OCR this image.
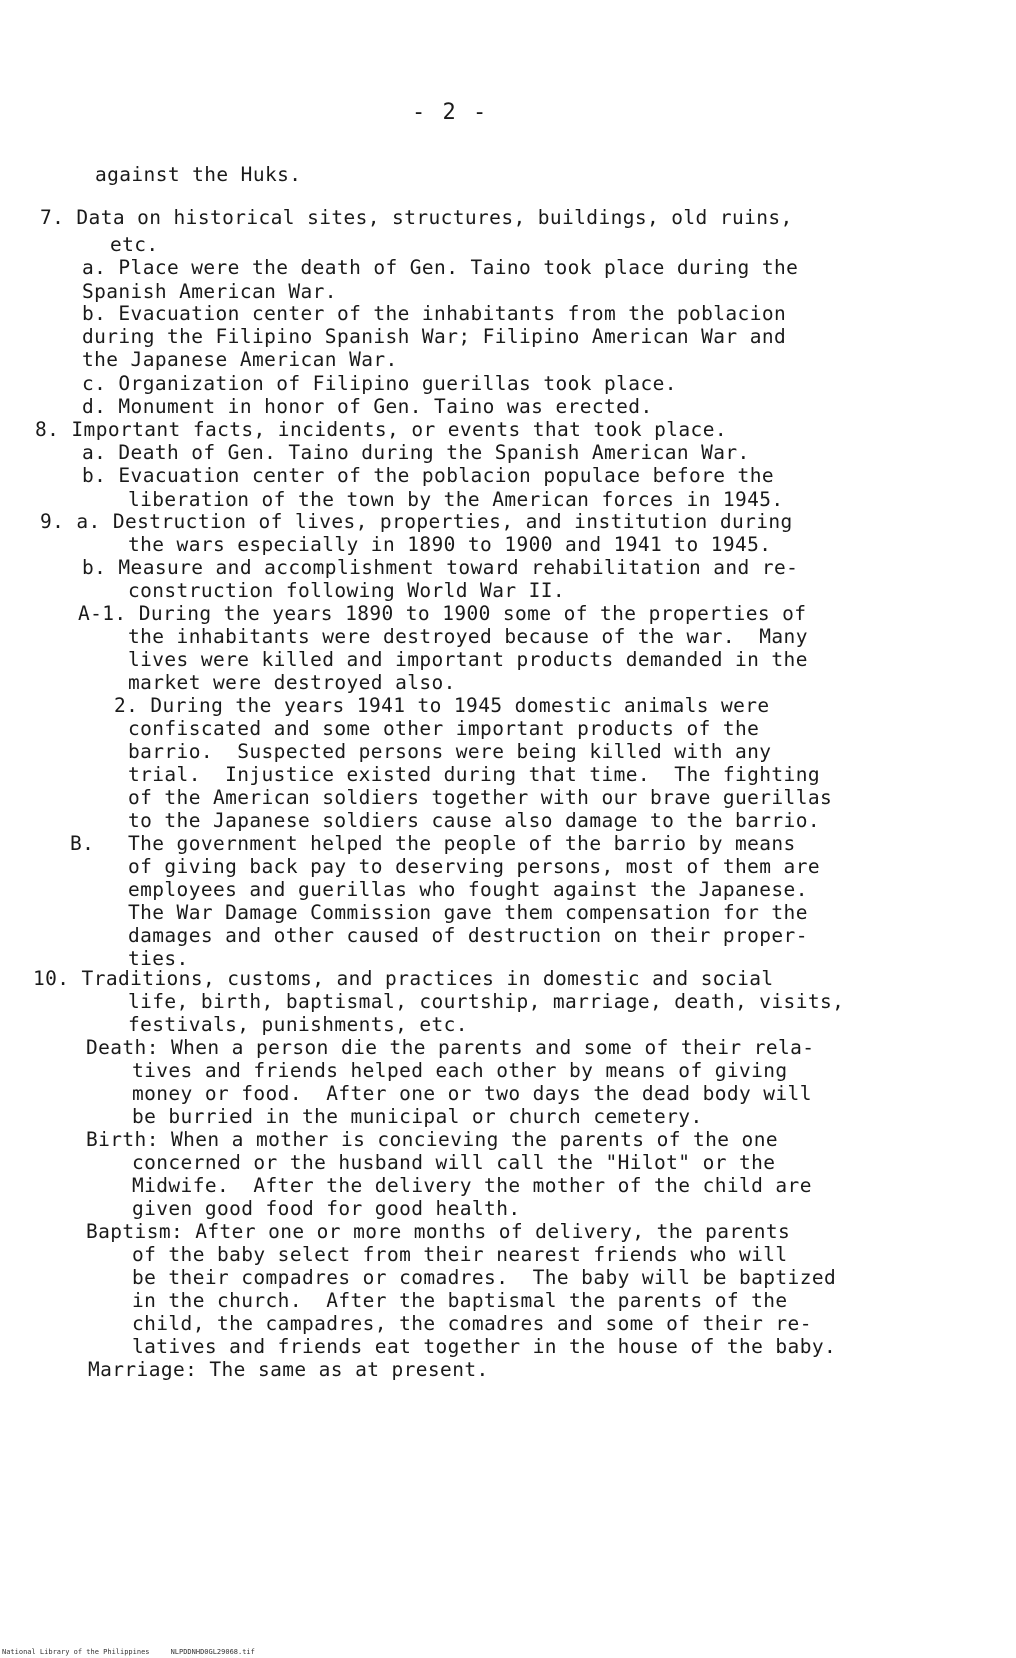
- 2 -
against the Huks.
7. Data on historical sites, structures, buildings, old ruins,
etc.
a. Place were the death of Gen. Taino took place during the
Spanish American War.
b. Evacuation center of the inhabitants from the poblacion
during the Filipino Spanish War; Filipino American War and
the Japanese American War.
c. Organization of Filipino guerillas took place.
d. Monument in honor of Gen. Taino was erected.
8. Important facts, incidents, or events that took place.
a. Death of Gen. Taino during the Spanish American War.
b. Evacuation center of the poblacion populace before the
liberation of the town by the American forces in 1945.
9. a. Destruction of lives, properties, and institution during
the wars especially in 1890 to 1900 and 1941 to 1945.
b. Measure and accomplishment toward rehabilitation and re-
construction following World War II.
A-1. During the years 1890 to 1900 some of the properties of
the inhabitants were destroyed because of the war.  Many
lives were killed and important products demanded in the
market were destroyed also.
2. During the years 1941 to 1945 domestic animals were
confiscated and some other important products of the
barrio.  Suspected persons were being killed with any
trial.  Injustice existed during that time.  The fighting
of the American soldiers together with our brave guerillas
to the Japanese soldiers cause also damage to the barrio.
B. The government helped the people of the barrio by means
of giving back pay to deserving persons, most of them are
employees and guerillas who fought against the Japanese.
The War Damage Commission gave them compensation for the
damages and other caused of destruction on their proper-
ties.
10. Traditions, customs, and practices in domestic and social
life, birth, baptismal, courtship, marriage, death, visits,
festivals, punishments, etc.
Death: When a person die the parents and some of their rela-
tives and friends helped each other by means of giving
money or food.  After one or two days the dead body will
be burried in the municipal or church cemetery.
Birth: When a mother is concieving the parents of the one
concerned or the husband will call the "Hilot" or the
Midwife.  After the delivery the mother of the child are
given good food for good health.
Baptism: After one or more months of delivery, the parents
of the baby select from their nearest friends who will
be their compadres or comadres.  The baby will be baptized
in the church.  After the baptismal the parents of the
child, the campadres, the comadres and some of their re-
latives and friends eat together in the house of the baby.
Marriage: The same as at present.
National Library of the Philippines     NLPDDNHD0GL29068.tif
